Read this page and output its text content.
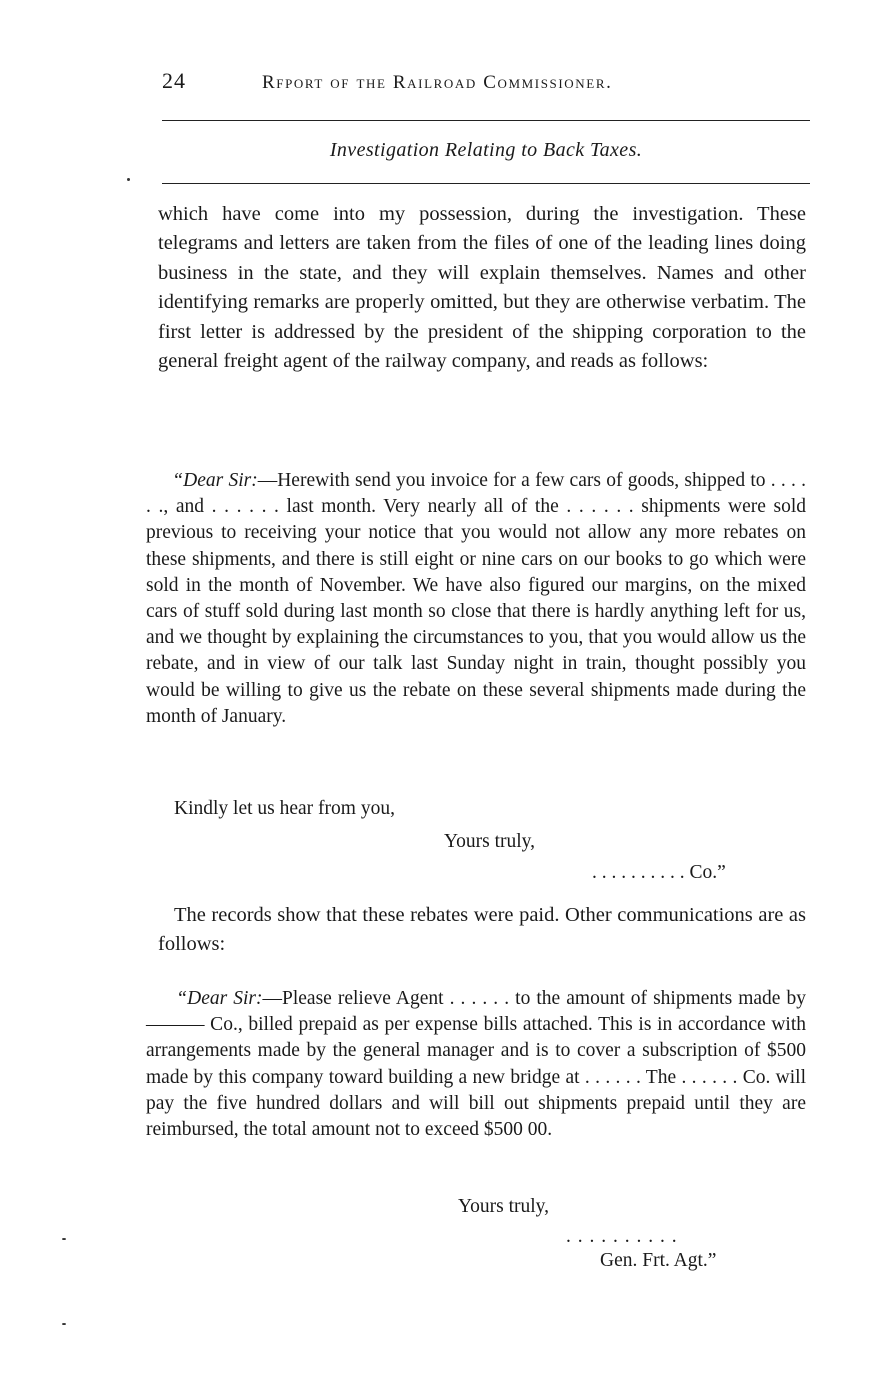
24	Rfport of the Railroad Commissioner.
Investigation Relating to Back Taxes.

which have come into my possession, during the investigation. These telegrams and letters are taken from the files of one of the leading lines doing business in the state, and they will explain themselves. Names and other identifying remarks are properly omitted, but they are otherwise verbatim. The first letter is addressed by the president of the shipping corporation to the general freight agent of the railway company, and reads as follows:

“Dear Sir:—Herewith send you invoice for a few cars of goods, shipped to . . . . . ., and . . . . . . last month. Very nearly all of the . . . . . . shipments were sold previous to receiving your notice that you would not allow any more rebates on these shipments, and there is still eight or nine cars on our books to go which were sold in the month of November. We have also figured our margins, on the mixed cars of stuff sold during last month so close that there is hardly anything left for us, and we thought by explaining the circumstances to you, that you would allow us the rebate, and in view of our talk last Sunday night in train, thought possibly you would be willing to give us the rebate on these several shipments made during the month of January.

Kindly let us hear from you,
Yours truly,
. . . . . . . . . . Co.”

The records show that these rebates were paid. Other communications are as follows:

“Dear Sir:—Please relieve Agent . . . . . . to the amount of shipments made by ——— Co., billed prepaid as per expense bills attached. This is in accordance with arrangements made by the general manager and is to cover a subscription of $500 made by this company toward building a new bridge at . . . . . . The . . . . . . Co. will pay the five hundred dollars and will bill out shipments prepaid until they are reimbursed, the total amount not to exceed $500 00.

Yours truly,
. . . . . . . . . .
Gen. Frt. Agt.”
